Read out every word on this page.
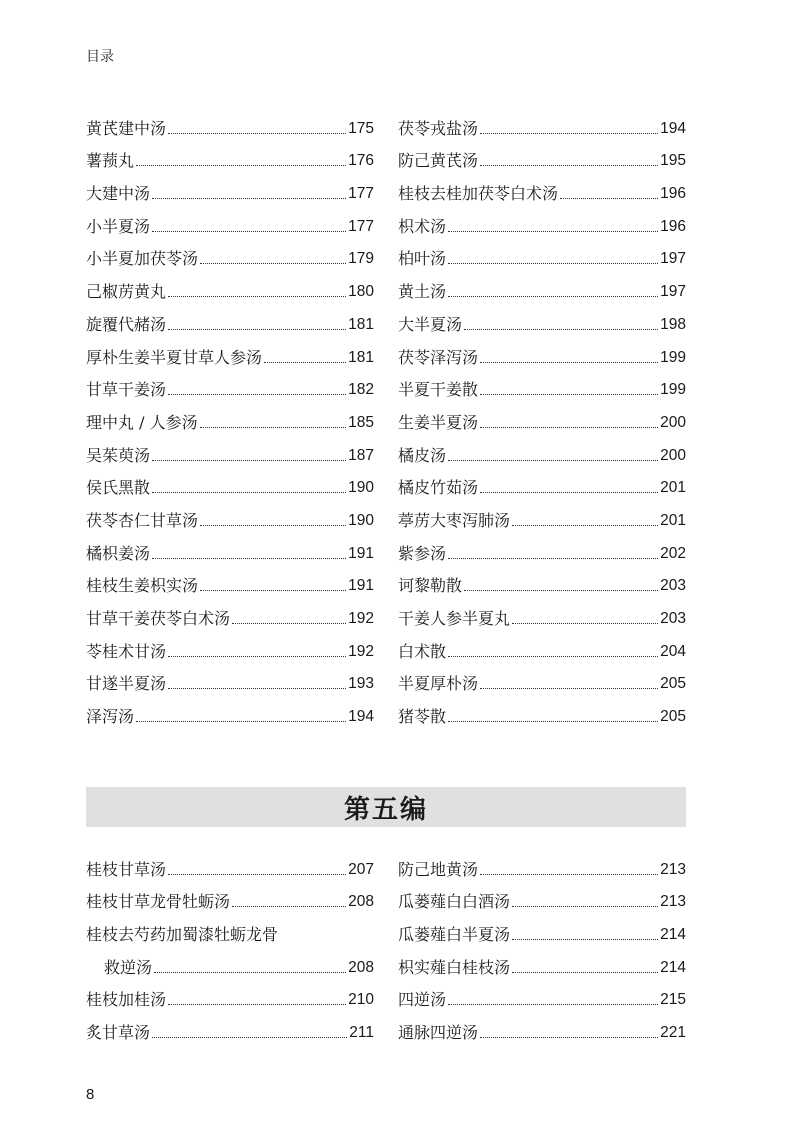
目录
黄芪建中汤	175
薯蓣丸	176
大建中汤	177
小半夏汤	177
小半夏加茯苓汤	179
己椒苈黄丸	180
旋覆代赭汤	181
厚朴生姜半夏甘草人参汤	181
甘草干姜汤	182
理中丸 / 人参汤	185
吴茱萸汤	187
侯氏黑散	190
茯苓杏仁甘草汤	190
橘枳姜汤	191
桂枝生姜枳实汤	191
甘草干姜茯苓白术汤	192
苓桂术甘汤	192
甘遂半夏汤	193
泽泻汤	194
茯苓戎盐汤	194
防己黄芪汤	195
桂枝去桂加茯苓白术汤	196
枳术汤	196
柏叶汤	197
黄土汤	197
大半夏汤	198
茯苓泽泻汤	199
半夏干姜散	199
生姜半夏汤	200
橘皮汤	200
橘皮竹茹汤	201
葶苈大枣泻肺汤	201
紫参汤	202
诃黎勒散	203
干姜人参半夏丸	203
白术散	204
半夏厚朴汤	205
猪苓散	205
第五编
桂枝甘草汤	207
桂枝甘草龙骨牡蛎汤	208
桂枝去芍药加蜀漆牡蛎龙骨
救逆汤	208
桂枝加桂汤	210
炙甘草汤	211
防己地黄汤	213
瓜蒌薤白白酒汤	213
瓜蒌薤白半夏汤	214
枳实薤白桂枝汤	214
四逆汤	215
通脉四逆汤	221
8
